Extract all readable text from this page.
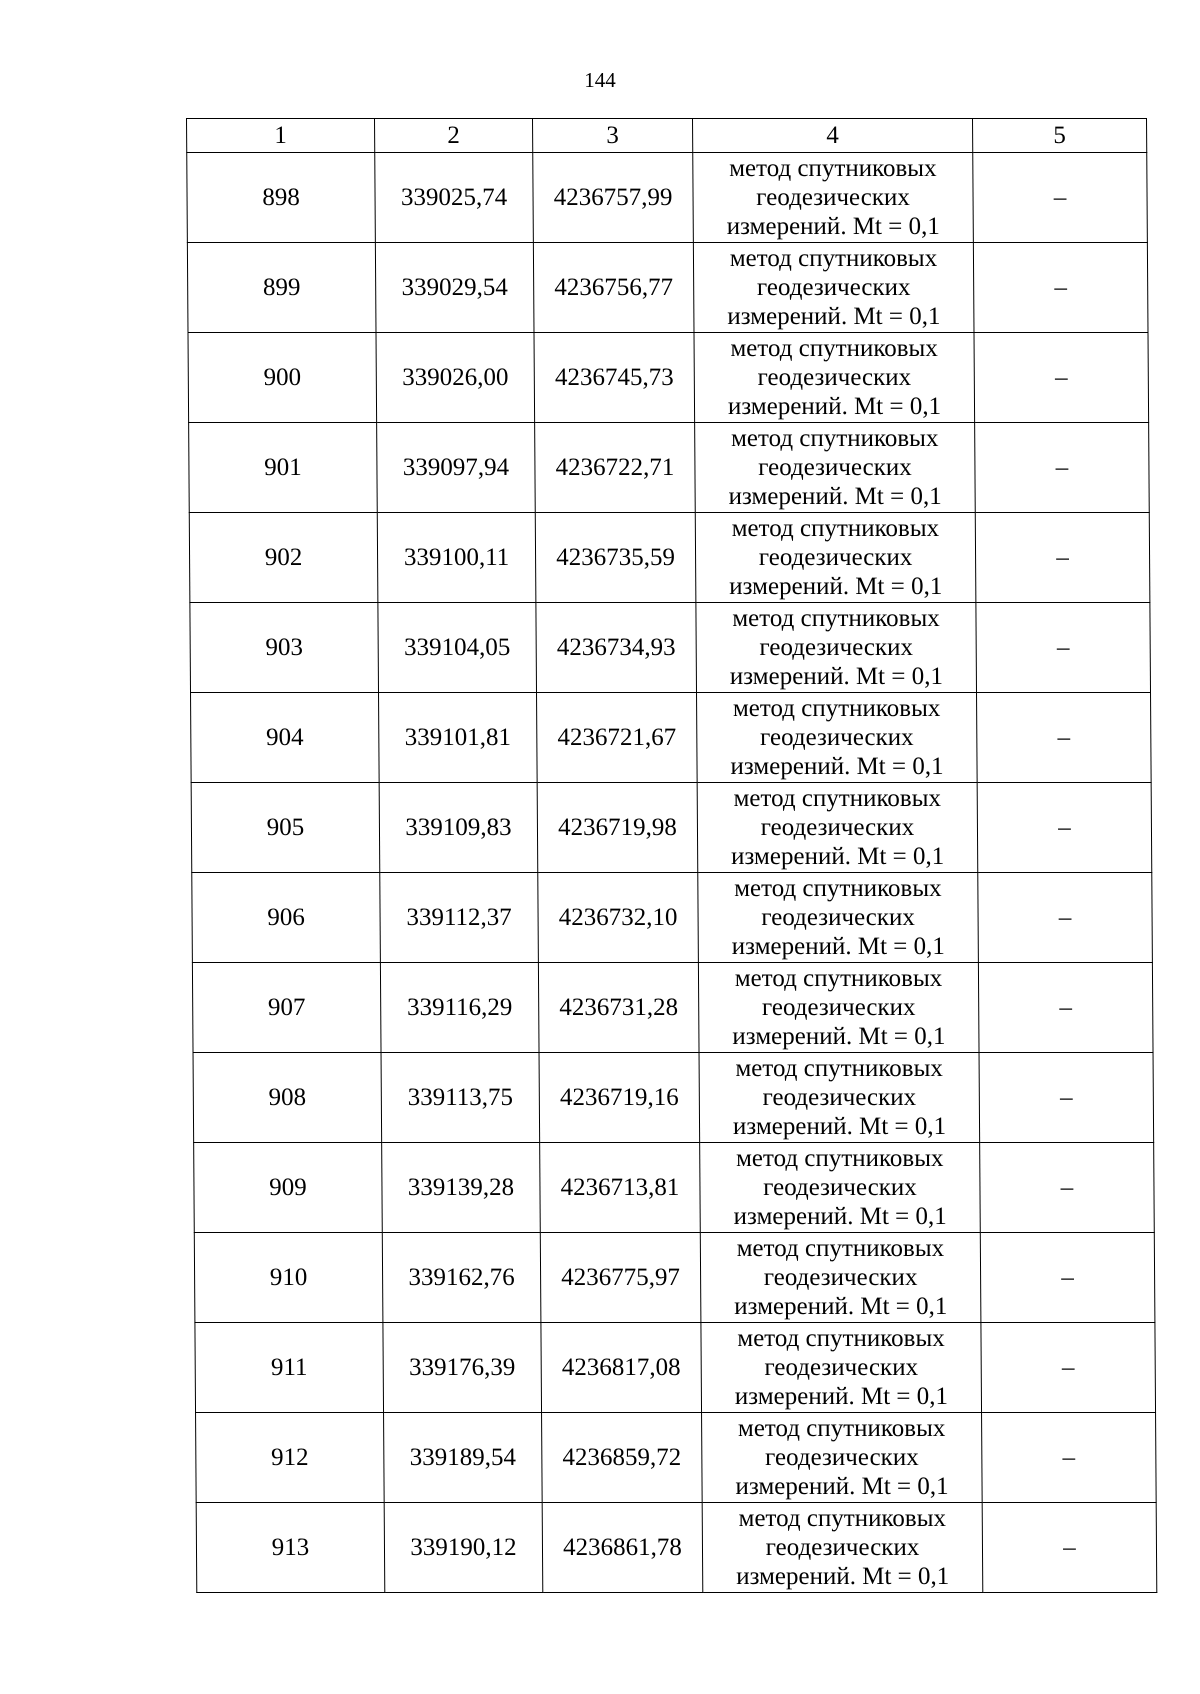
144
1	2	3	4	5
898	339025,74	4236757,99	метод спутниковых
геодезических
измерений. Mt = 0,1	–
899	339029,54	4236756,77	метод спутниковых
геодезических
измерений. Mt = 0,1	–
900	339026,00	4236745,73	метод спутниковых
геодезических
измерений. Mt = 0,1	–
901	339097,94	4236722,71	метод спутниковых
геодезических
измерений. Mt = 0,1	–
902	339100,11	4236735,59	метод спутниковых
геодезических
измерений. Mt = 0,1	–
903	339104,05	4236734,93	метод спутниковых
геодезических
измерений. Mt = 0,1	–
904	339101,81	4236721,67	метод спутниковых
геодезических
измерений. Mt = 0,1	–
905	339109,83	4236719,98	метод спутниковых
геодезических
измерений. Mt = 0,1	–
906	339112,37	4236732,10	метод спутниковых
геодезических
измерений. Mt = 0,1	–
907	339116,29	4236731,28	метод спутниковых
геодезических
измерений. Mt = 0,1	–
908	339113,75	4236719,16	метод спутниковых
геодезических
измерений. Mt = 0,1	–
909	339139,28	4236713,81	метод спутниковых
геодезических
измерений. Mt = 0,1	–
910	339162,76	4236775,97	метод спутниковых
геодезических
измерений. Mt = 0,1	–
911	339176,39	4236817,08	метод спутниковых
геодезических
измерений. Mt = 0,1	–
912	339189,54	4236859,72	метод спутниковых
геодезических
измерений. Mt = 0,1	–
913	339190,12	4236861,78	метод спутниковых
геодезических
измерений. Mt = 0,1	–
